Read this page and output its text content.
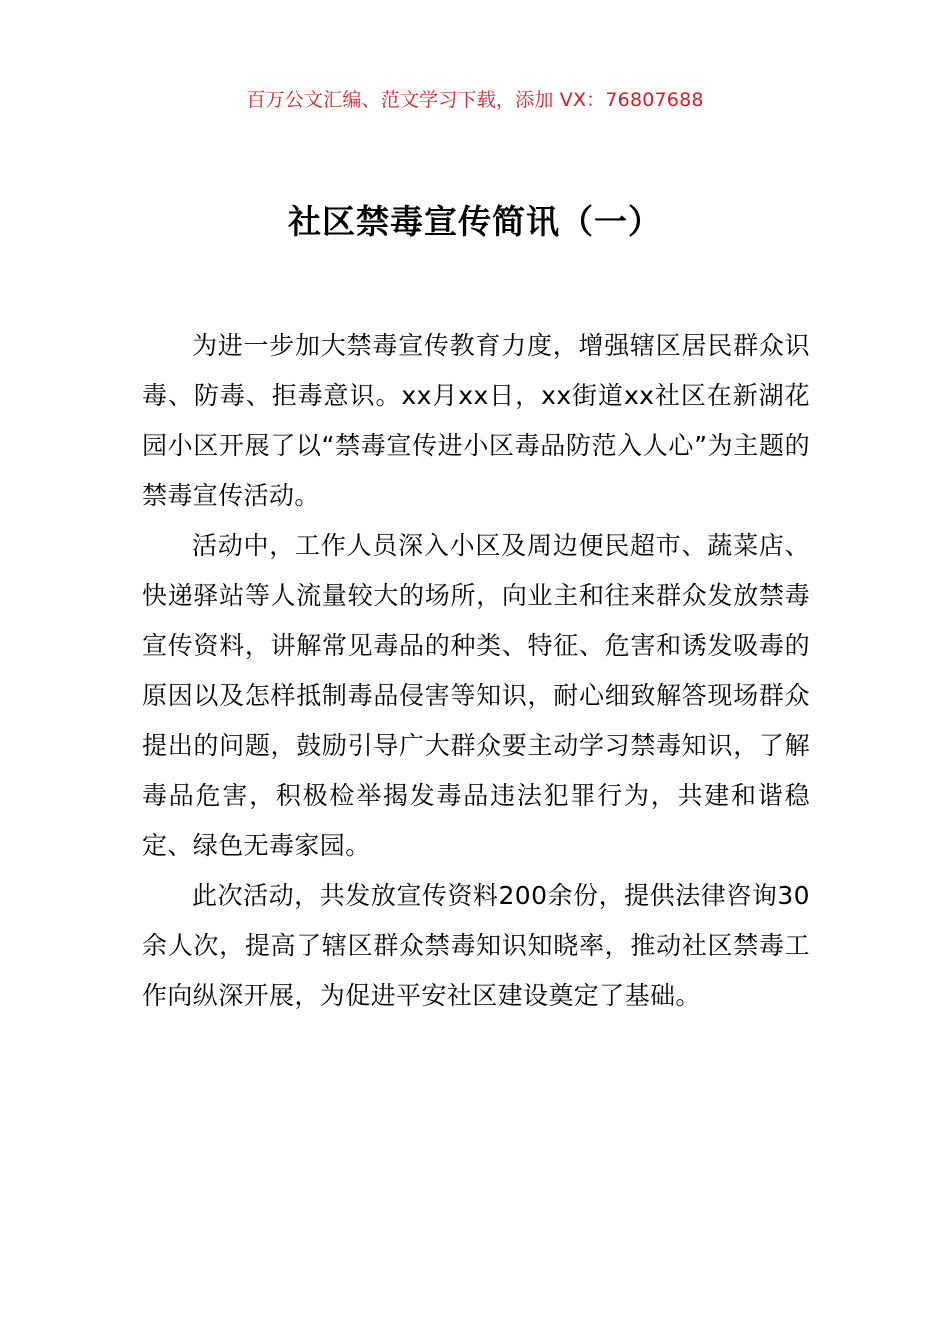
百万公文汇编、范文学习下载，添加 VX：76807688
社区禁毒宣传简讯（一）

为进一步加大禁毒宣传教育力度，增强辖区居民群众识毒、防毒、拒毒意识。xx月xx日，xx街道xx社区在新湖花园小区开展了以“禁毒宣传进小区毒品防范入人心”为主题的禁毒宣传活动。

活动中，工作人员深入小区及周边便民超市、蔬菜店、快递驿站等人流量较大的场所，向业主和往来群众发放禁毒宣传资料，讲解常见毒品的种类、特征、危害和诱发吸毒的原因以及怎样抵制毒品侵害等知识，耐心细致解答现场群众提出的问题，鼓励引导广大群众要主动学习禁毒知识，了解毒品危害，积极检举揭发毒品违法犯罪行为，共建和谐稳定、绿色无毒家园。

此次活动，共发放宣传资料200余份，提供法律咨询30余人次，提高了辖区群众禁毒知识知晓率，推动社区禁毒工作向纵深开展，为促进平安社区建设奠定了基础。
